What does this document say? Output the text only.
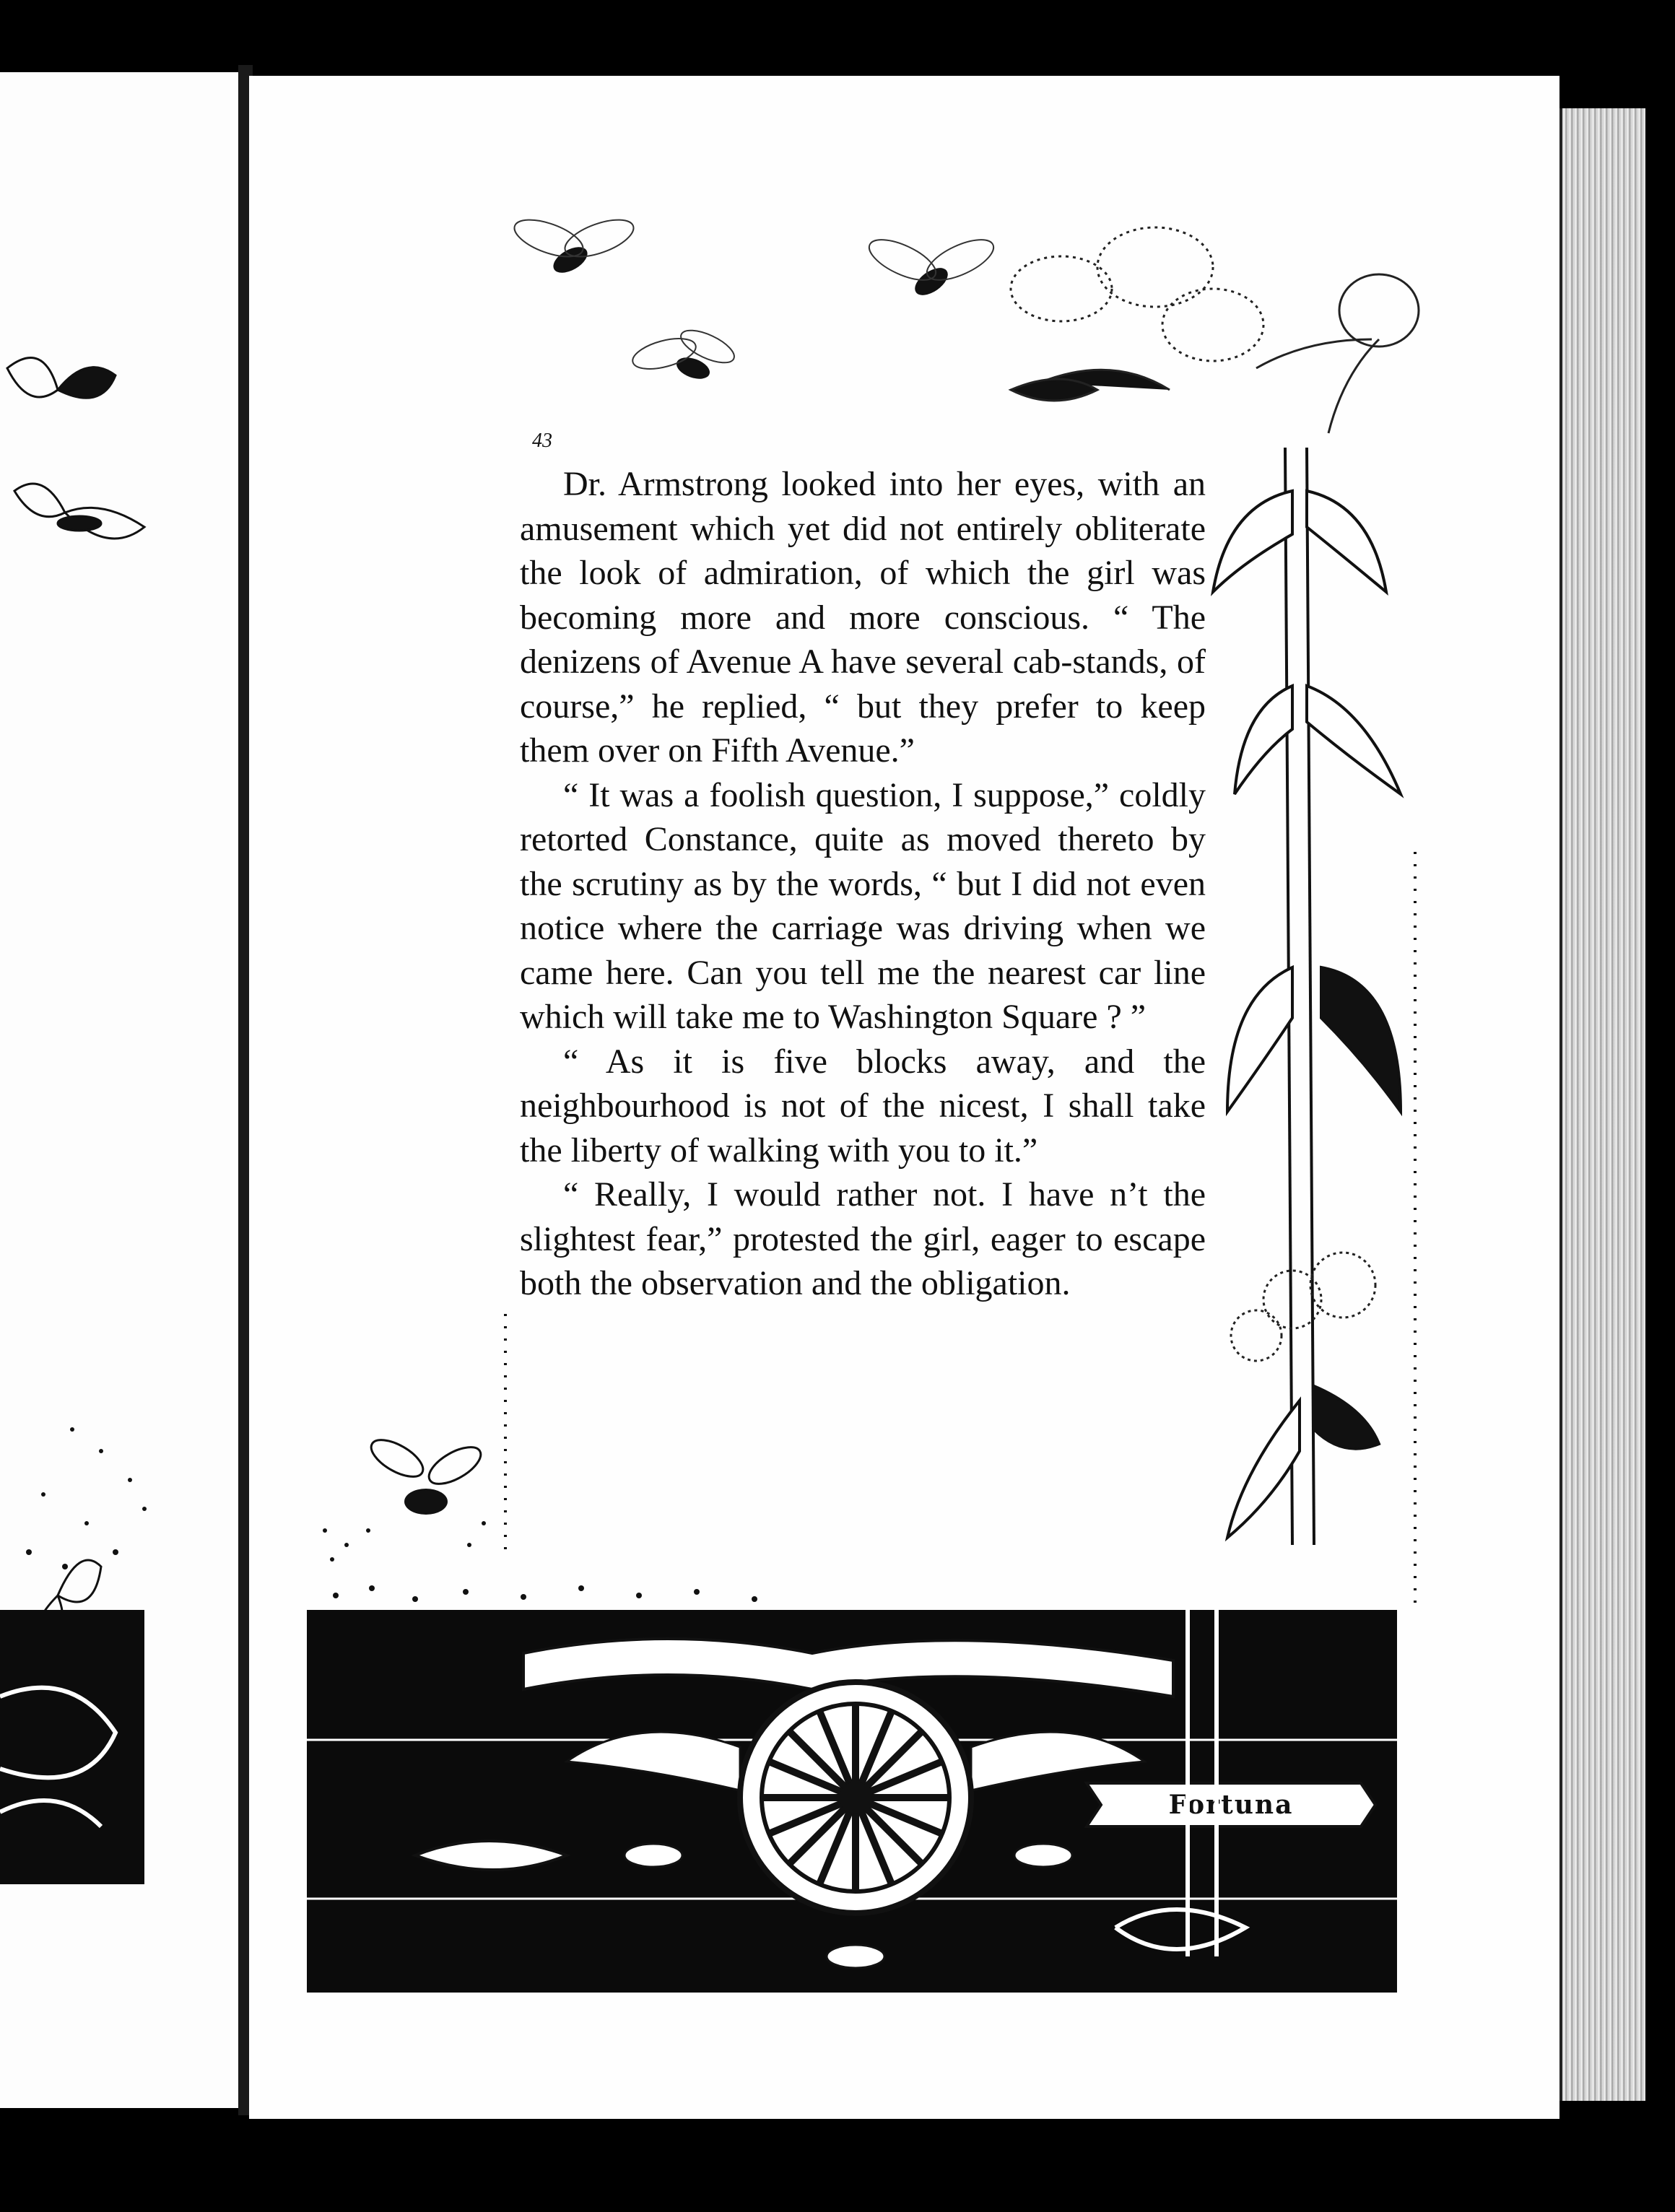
43

Dr. Armstrong looked into her eyes, with an amusement which yet did not entirely obliterate the look of admiration, of which the girl was becoming more and more conscious. “ The denizens of Avenue A have several cab-stands, of course,” he replied, “ but they prefer to keep them over on Fifth Avenue.”

“ It was a foolish question, I suppose,” coldly retorted Constance, quite as moved thereto by the scrutiny as by the words, “ but I did not even notice where the carriage was driving when we came here. Can you tell me the nearest car line which will take me to Washington Square ? ”

“ As it is five blocks away, and the neighbourhood is not of the nicest, I shall take the liberty of walking with you to it.”

“ Really, I would rather not. I have n’t the slightest fear,” protested the girl, eager to escape both the observation and the obligation.

Fortuna
